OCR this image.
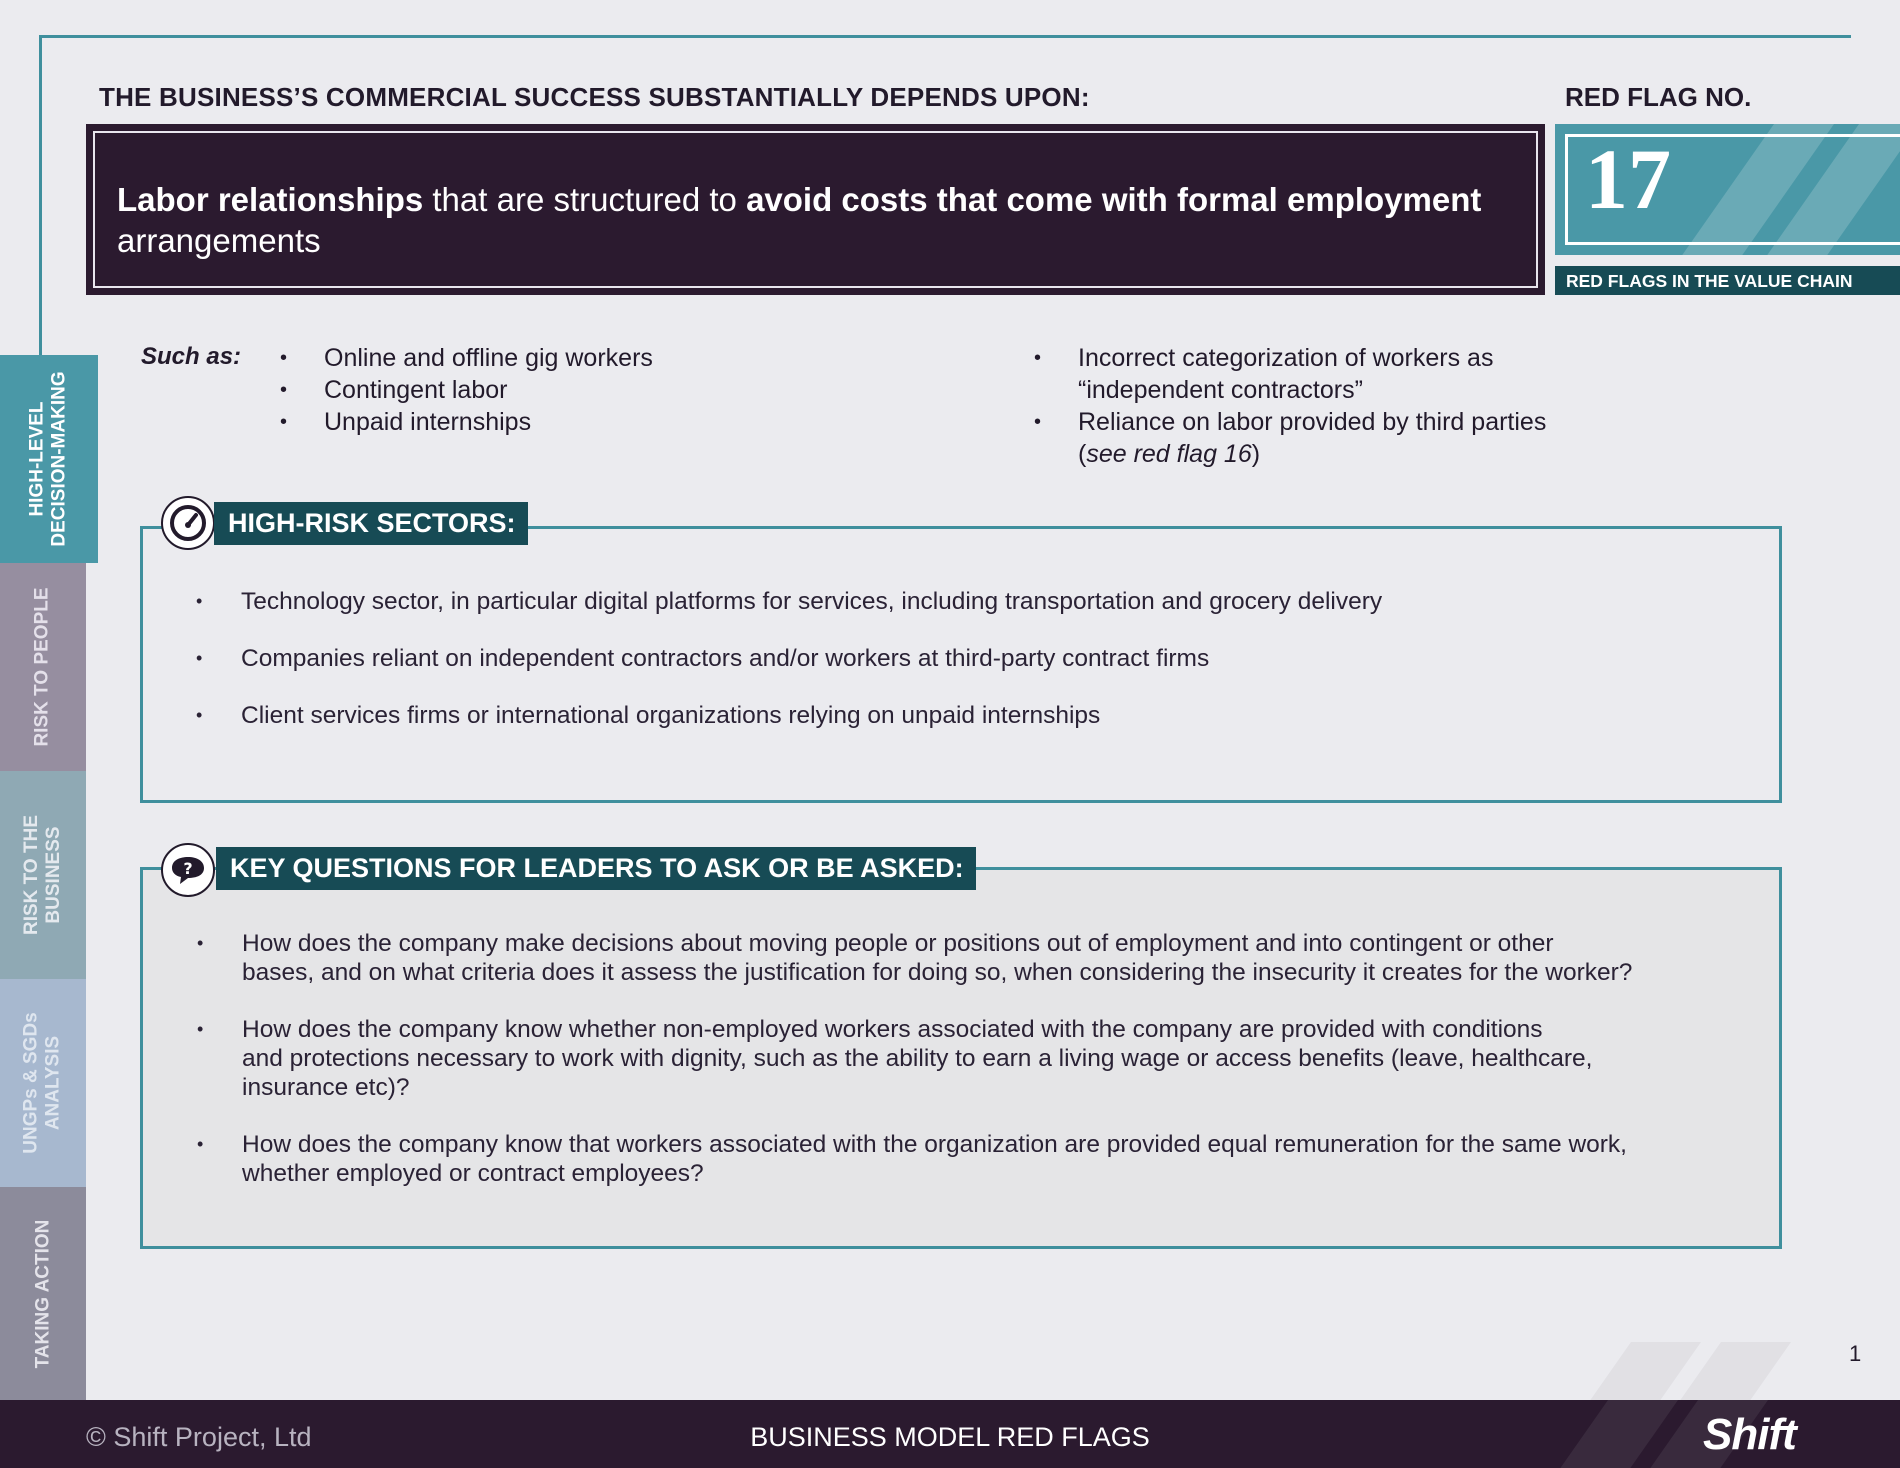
THE BUSINESS’S COMMERCIAL SUCCESS SUBSTANTIALLY DEPENDS UPON:	RED FLAG NO.
Labor relationships that are structured to avoid costs that come with formal employment arrangements
17
RED FLAGS IN THE VALUE CHAIN
HIGH-LEVEL
DECISION-MAKING
RISK TO PEOPLE
RISK TO THE
BUSINESS
UNGPs & SGDs
ANALYSIS
TAKING ACTION
Such as:
•	Online and offline gig workers
• Contingent labor
• Unpaid internships
• Incorrect categorization of workers as
“independent contractors”
• Reliance on labor provided by third parties
(see red flag 16)
HIGH-RISK SECTORS:
• Technology sector, in particular digital platforms for services, including transportation and grocery delivery
• Companies reliant on independent contractors and/or workers at third-party contract firms
• Client services firms or international organizations relying on unpaid internships
?	KEY QUESTIONS FOR LEADERS TO ASK OR BE ASKED:
• How does the company make decisions about moving people or positions out of employment and into contingent or other
bases, and on what criteria does it assess the justification for doing so, when considering the insecurity it creates for the worker?
• How does the company know whether non-employed workers associated with the company are provided with conditions
and protections necessary to work with dignity, such as the ability to earn a living wage or access benefits (leave, healthcare,
insurance etc)?
• How does the company know that workers associated with the organization are provided equal remuneration for the same work,
whether employed or contract employees?
1
© Shift Project, Ltd	BUSINESS MODEL RED FLAGS	Shift
